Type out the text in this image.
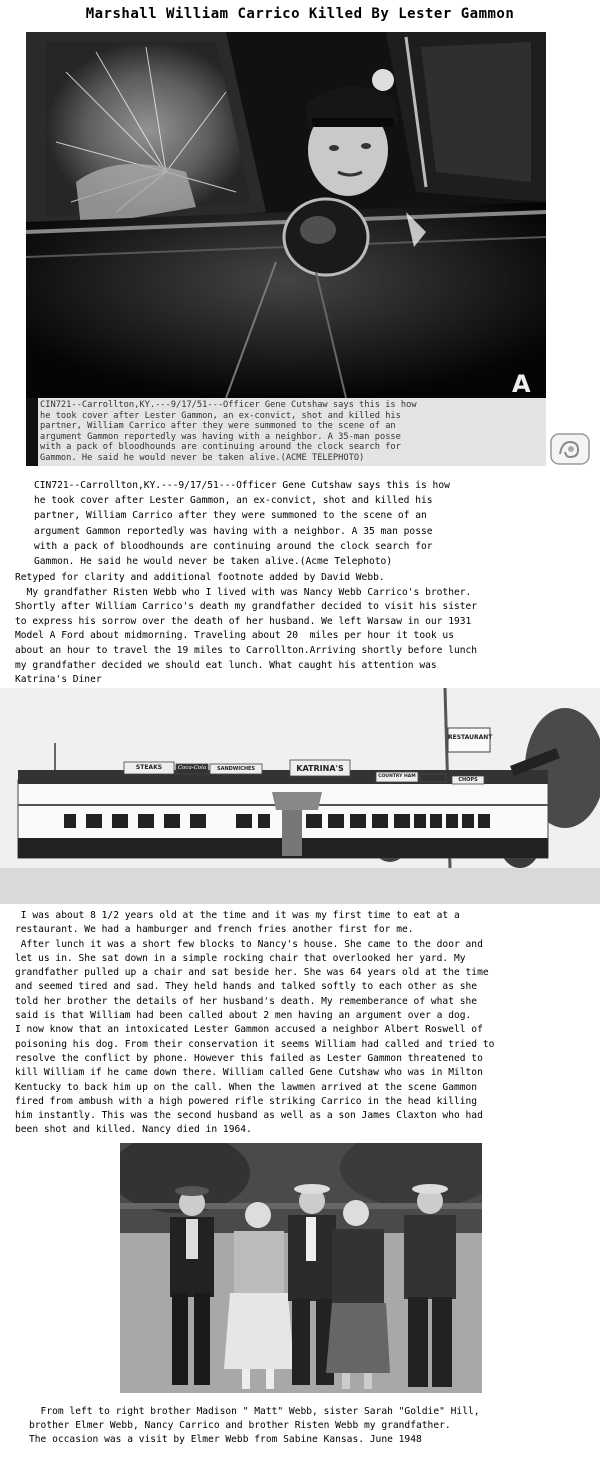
Marshall William Carrico Killed By Lester Gammon
A
CIN721--Carrollton,KY.---9/17/51---Officer Gene Cutshaw says this is how
he took cover after Lester Gammon, an ex-convict, shot and killed his
partner, William Carrico after they were summoned to the scene of an
argument Gammon reportedly was having with a neighbor. A 35-man posse
with a pack of bloodhounds are continuing around the clock search for
Gammon. He said he would never be taken alive.(ACME TELEPHOTO)
CIN721--Carrollton,KY.---9/17/51---Officer Gene Cutshaw says this is how
he took cover after Lester Gammon, an ex-convict, shot and killed his
partner, William Carrico after they were summoned to the scene of an
argument Gammon reportedly was having with a neighbor. A 35 man posse
with a pack of bloodhounds are continuing around the clock search for
Gammon. He said he would never be taken alive.(Acme Telephoto)
Retyped for clarity and additional footnote added by David Webb.
My grandfather Risten Webb who I lived with was Nancy Webb Carrico's brother.
Shortly after William Carrico's death my grandfather decided to visit his sister
to express his sorrow over the death of her husband. We left Warsaw in our 1931
Model A Ford about midmorning. Traveling about 20  miles per hour it took us
about an hour to travel the 19 miles to Carrollton.Arriving shortly before lunch
my grandfather decided we should eat lunch. What caught his attention was
Katrina's Diner
STEAKS	Coca-Cola	SANDWICHES	KATRINA'S
COUNTRY HAM
CHOPS
RESTAURANT
I was about 8 1/2 years old at the time and it was my first time to eat at a
restaurant. We had a hamburger and french fries another first for me.
After lunch it was a short few blocks to Nancy's house. She came to the door and
let us in. She sat down in a simple rocking chair that overlooked her yard. My
grandfather pulled up a chair and sat beside her. She was 64 years old at the time
and seemed tired and sad. They held hands and talked softly to each other as she
told her brother the details of her husband's death. My rememberance of what she
said is that William had been called about 2 men having an argument over a dog.
I now know that an intoxicated Lester Gammon accused a neighbor Albert Roswell of
poisoning his dog. From their conservation it seems William had called and tried to
resolve the conflict by phone. However this failed as Lester Gammon threatened to
kill William if he came down there. William called Gene Cutshaw who was in Milton
Kentucky to back him up on the call. When the lawmen arrived at the scene Gammon
fired from ambush with a high powered rifle striking Carrico in the head killing
him instantly. This was the second husband as well as a son James Claxton who had
been shot and killed. Nancy died in 1964.
From left to right brother Madison " Matt" Webb, sister Sarah "Goldie" Hill,
brother Elmer Webb, Nancy Carrico and brother Risten Webb my grandfather.
The occasion was a visit by Elmer Webb from Sabine Kansas. June 1948
